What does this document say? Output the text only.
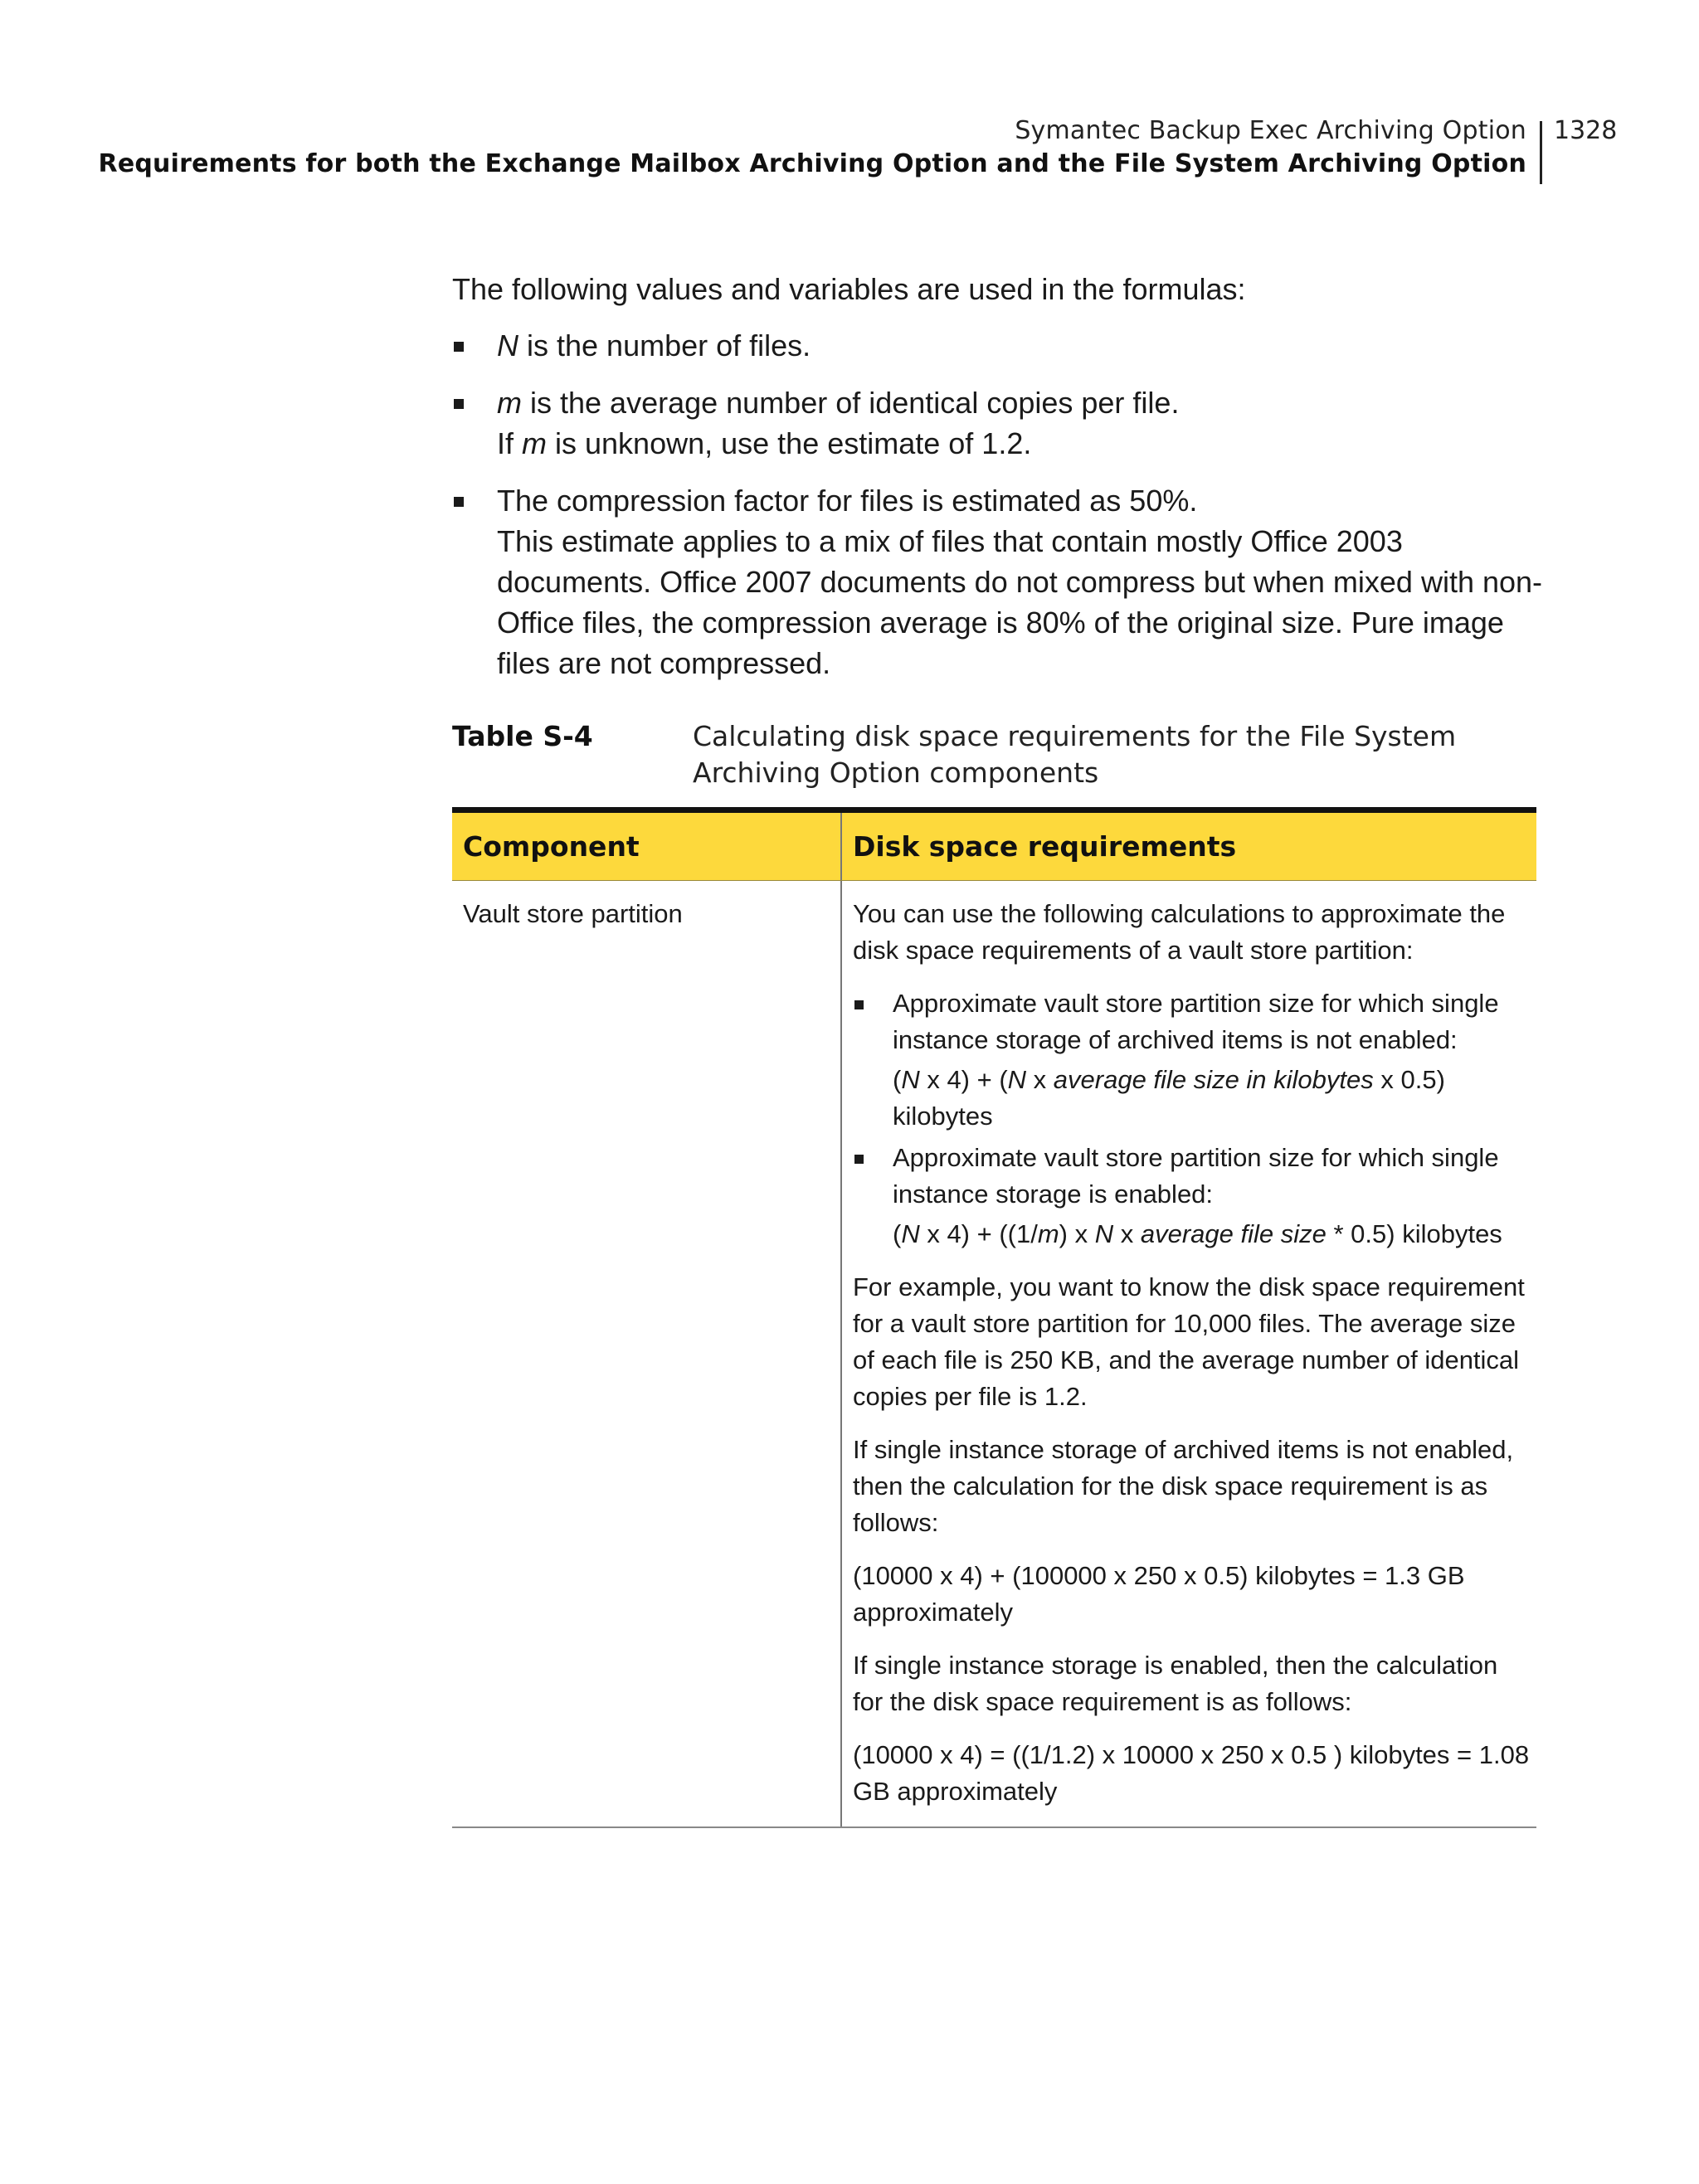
Symantec Backup Exec Archiving Option
Requirements for both the Exchange Mailbox Archiving Option and the File System Archiving Option
1328
The following values and variables are used in the formulas:

N is the number of files.

m is the average number of identical copies per file.

If m is unknown, use the estimate of 1.2.

The compression factor for files is estimated as 50%.

This estimate applies to a mix of files that contain mostly Office 2003 documents. Office 2007 documents do not compress but when mixed with non-Office files, the compression average is 80% of the original size. Pure image files are not compressed.

Table S-4	Calculating disk space requirements for the File System Archiving Option components
Component	Disk space requirements
Vault store partition	You can use the following calculations to approximate the disk space requirements of a vault store partition:

Approximate vault store partition size for which single instance storage of archived items is not enabled:
(N x 4) + (N x average file size in kilobytes x 0.5) kilobytes
Approximate vault store partition size for which single instance storage is enabled:
(N x 4) + ((1/m) x N x average file size * 0.5) kilobytes

For example, you want to know the disk space requirement for a vault store partition for 10,000 files. The average size of each file is 250 KB, and the average number of identical copies per file is 1.2.

If single instance storage of archived items is not enabled, then the calculation for the disk space requirement is as follows:

(10000 x 4) + (100000 x 250 x 0.5) kilobytes = 1.3 GB approximately

If single instance storage is enabled, then the calculation for the disk space requirement is as follows:

(10000 x 4) = ((1/1.2) x 10000 x 250 x 0.5 ) kilobytes = 1.08 GB approximately
